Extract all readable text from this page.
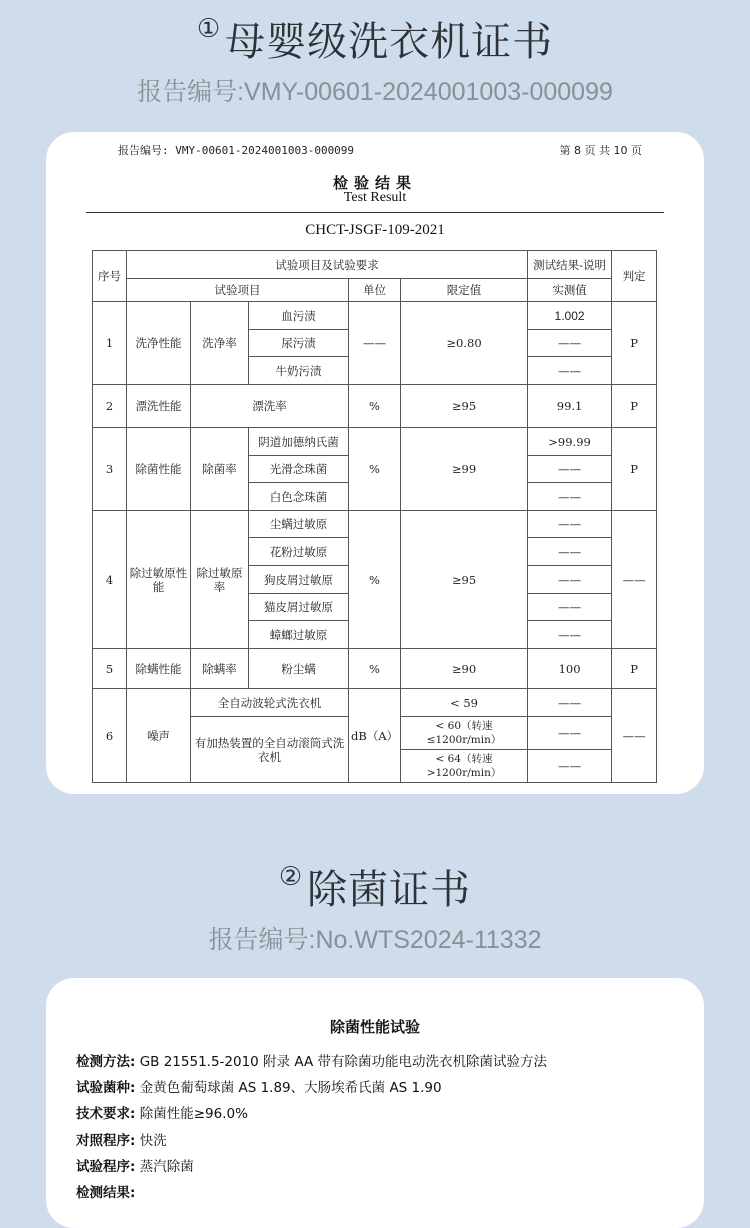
① 母婴级洗衣机证书
报告编号:VMY-00601-2024001003-000099
报告编号: VMY-00601-2024001003-000099	第 8 页 共 10 页
检验结果
Test Result
CHCT-JSGF-109-2021
序号	试验项目及试验要求					测试结果-说明	判定
	试验项目			单位	限定值	实测值	
1	洗净性能	洗净率	血污渍	——	≥0.80	1.002	P
			尿污渍			——	
			牛奶污渍			——	
2	漂洗性能	漂洗率		%	≥95	99.1	P
3	除菌性能	除菌率	阴道加德纳氏菌	%	≥99	>99.99	P
			光滑念珠菌			——	
			白色念珠菌			——	
4	除过敏原性能	除过敏原率	尘螨过敏原	%	≥95	——	——
			花粉过敏原			——	
			狗皮屑过敏原			——	
			猫皮屑过敏原			——	
			蟑螂过敏原			——	
5	除螨性能	除螨率	粉尘螨	%	≥90	100	P
6	噪声	全自动波轮式洗衣机		dB（A）	< 59	——	——
		有加热装置的全自动滚筒式洗衣机			< 60（转速≤1200r/min）	——	
					< 64（转速>1200r/min）	——	
② 除菌证书
报告编号:No.WTS2024-11332
除菌性能试验
检测方法: GB 21551.5-2010 附录 AA 带有除菌功能电动洗衣机除菌试验方法
试验菌种: 金黄色葡萄球菌 AS 1.89、大肠埃希氏菌 AS 1.90
技术要求: 除菌性能≥96.0%
对照程序: 快洗
试验程序: 蒸汽除菌
检测结果:
